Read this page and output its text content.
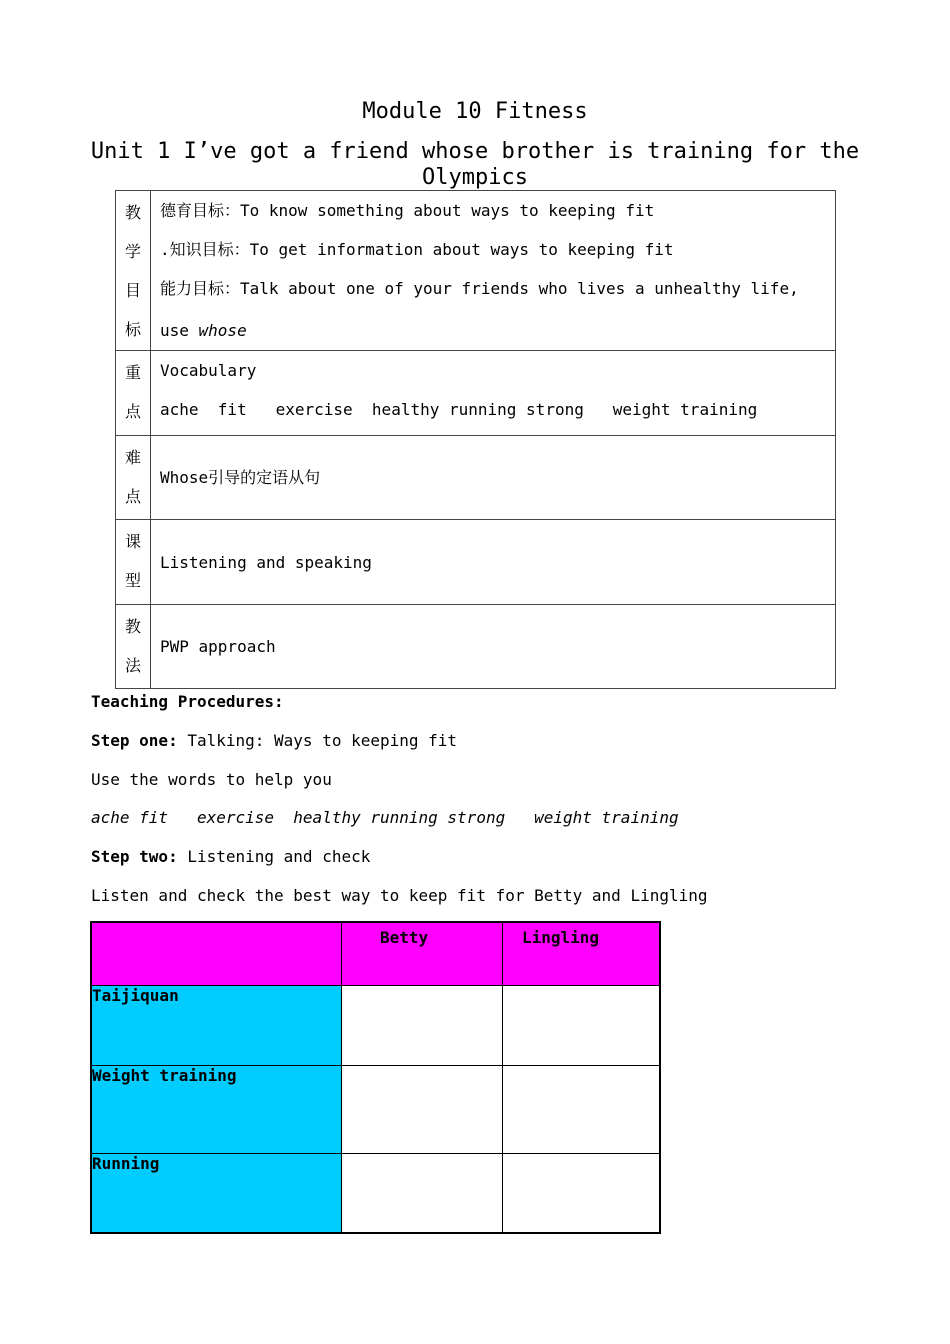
Module 10 Fitness
Unit 1 I’ve got a friend whose brother is training for the Olympics
教
学
目
标	德育目标：To know something about ways to keeping fit
.知识目标：To get information about ways to keeping fit
能力目标：Talk about one of your friends who lives a unhealthy life,
use whose

重
点	Vocabulary
ache  fit   exercise  healthy running strong   weight training

难
点	Whose引导的定语从句

课
型	Listening and speaking

教
法	PWP approach
Teaching Procedures:
Step one: Talking: Ways to keeping fit
Use the words to help you
ache fit   exercise  healthy running strong   weight training
Step two: Listening and check
Listen and check the best way to keep fit for Betty and Lingling
	Betty	Lingling
Taijiquan		
Weight training		
Running		
